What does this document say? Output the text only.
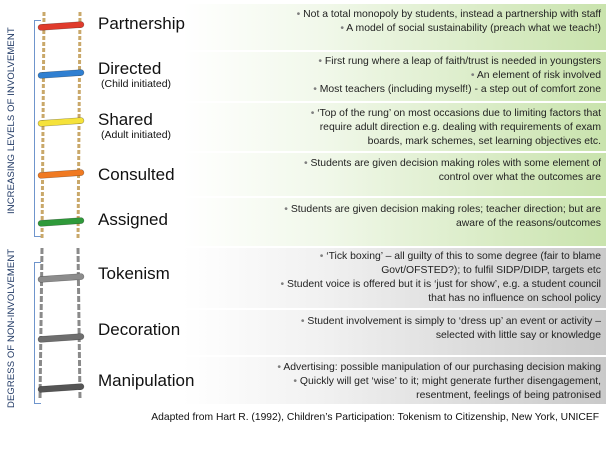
INCREASING LEVELS OF INVOLVEMENT
DEGRESS OF NON-INVOLVEMENT
Partnership	• Not a total monopoly by students, instead a partnership with staff
• A model of social sustainability (preach what we teach!)
Directed
(Child initiated)
• First rung where a leap of faith/trust is needed in youngsters
• An element of risk involved
• Most teachers (including myself!) - a step out of comfort zone
Shared
(Adult initiated)
• ‘Top of the rung’ on most occasions due to limiting factors that
require adult direction e.g. dealing with requirements of exam
boards, mark schemes, set learning objectives etc.
Consulted
• Students are given decision making roles with some element of
control over what the outcomes are
Assigned
• Students are given decision making roles; teacher direction; but are
aware of the reasons/outcomes
Tokenism
• ‘Tick boxing’ – all guilty of this to some degree (fair to blame
Govt/OFSTED?); to fulfil SIDP/DIDP, targets etc
• Student voice is offered but it is ‘just for show’, e.g. a student council
that has no influence on school policy
Decoration	• Student involvement is simply to ‘dress up’ an event or activity –
selected with little say or knowledge
Manipulation
• Advertising: possible manipulation of our purchasing decision making
• Quickly will get ‘wise’ to it; might generate further disengagement,
resentment, feelings of being patronised
Adapted from Hart R. (1992), Children’s Participation: Tokenism to Citizenship, New York, UNICEF
